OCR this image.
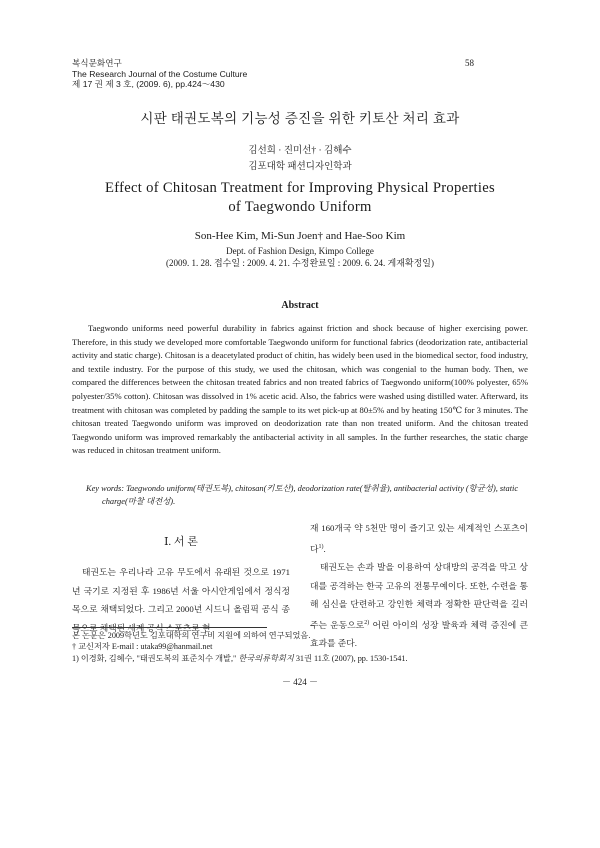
복식문화연구
The Research Journal of the Costume Culture
제 17 권 제 3 호, (2009. 6), pp.424～430
58
시판 태권도복의 기능성 증진을 위한 키토산 처리 효과
김선희 · 진미선† · 김해수
김포대학 패션디자인학과
Effect of Chitosan Treatment for Improving Physical Properties
of Taegwondo Uniform
Son-Hee Kim, Mi-Sun Joen† and Hae-Soo Kim
Dept. of Fashion Design, Kimpo College
(2009. 1. 28. 접수일 : 2009. 4. 21. 수정완료일 : 2009. 6. 24. 게재확정일)
Abstract

Taegwondo uniforms need powerful durability in fabrics against friction and shock because of higher exercising power. Therefore, in this study we developed more comfortable Taegwondo uniform for functional fabrics (deodorization rate, antibacterial activity and static charge). Chitosan is a deacetylated product of chitin, has widely been used in the biomedical sector, food industry, and textile industry. For the purpose of this study, we used the chitosan, which was congenial to the human body. Then, we compared the differences between the chitosan treated fabrics and non treated fabrics of Taegwondo uniform(100% polyester, 65% polyester/35% cotton). Chitosan was dissolved in 1% acetic acid. Also, the fabrics were washed using distilled water. Afterward, its treatment with chitosan was completed by padding the sample to its wet pick-up at 80±5% and by heating 150℃ for 3 minutes. The chitosan treated Taegwondo uniform was improved on deodorization rate than non treated uniform. And the chitosan treated Taegwondo uniform was improved remarkably the antibacterial activity in all samples. In the further researches, the static charge was reduced in chitosan treatment uniform.

Key words: Taegwondo uniform(태권도복), chitosan(키토산), deodorization rate(탈취율), antibacterial activity (항균성), static charge(마찰 대전성).
Ⅰ. 서 론

태권도는 우리나라 고유 무도에서 유래된 것으로 1971년 국기로 지정된 후 1986년 서울 아시안게임에서 정식정목으로 채택되었다. 그리고 2000년 시드니 올림픽 공식 종목으로 채택된 세계 공식 스포츠로 현

재 160개국 약 5천만 명이 즐기고 있는 세계적인 스포츠이다$^{1)}$.

태권도는 손과 발을 이용하여 상대방의 공격을 막고 상대를 공격하는 한국 고유의 전통무예이다. 또한, 수련을 통해 심신을 단련하고 강인한 체력과 정확한 판단력을 길러주는 운동으로$^{2)}$ 어린 아이의 성장 발육과 체력 증진에 큰 효과를 준다.

본 논문은 2009학년도 김포대학의 연구비 지원에 의하여 연구되었음.
† 교신저자 E-mail : utaka99@hanmail.net
1) 이경화, 김혜수, "태권도복의 표준치수 개발," 한국의류학회지 31권 11호 (2007), pp. 1530-1541.
－ 424 －
